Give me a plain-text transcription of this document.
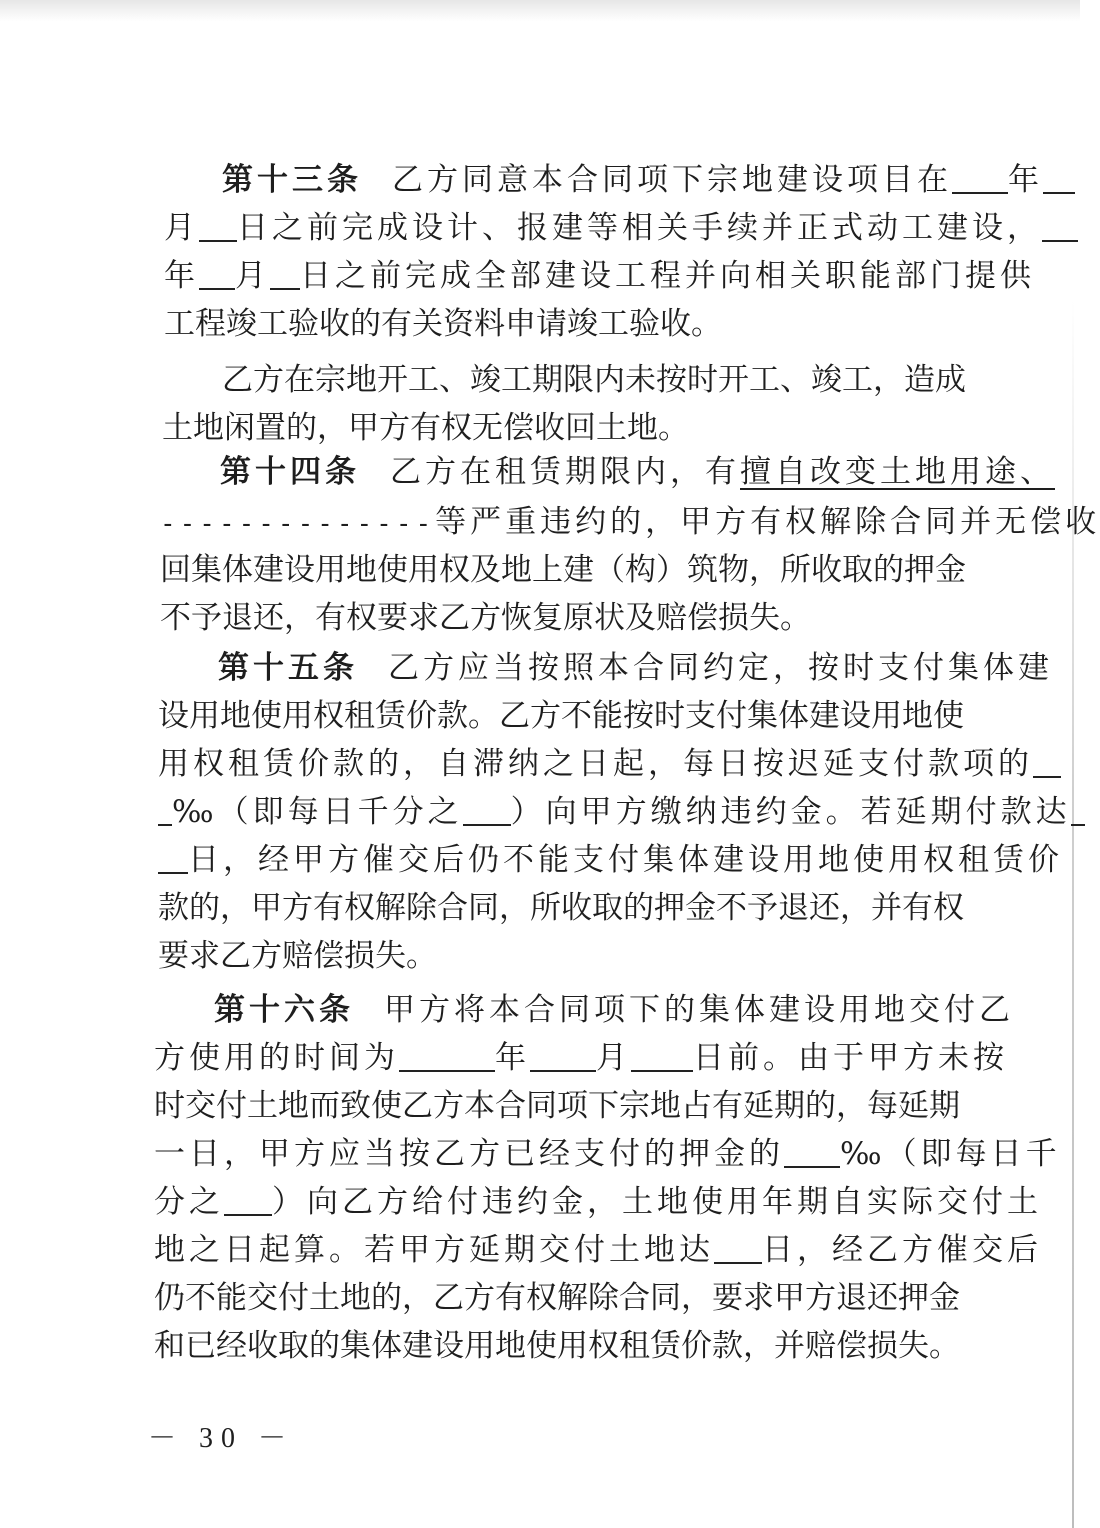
第十三条 乙方同意本合同项下宗地建设项目在 年
月 日之前完成设计、报建等相关手续并正式动工建设，
年 月 日之前完成全部建设工程并向相关职能部门提供
工程竣工验收的有关资料申请竣工验收。
乙方在宗地开工、竣工期限内未按时开工、竣工，造成
土地闲置的，甲方有权无偿收回土地。
第十四条 乙方在租赁期限内，有擅自改变土地用途、
--------------等严重违约的，甲方有权解除合同并无偿收
回集体建设用地使用权及地上建（构）筑物，所收取的押金
不予退还，有权要求乙方恢复原状及赔偿损失。
第十五条 乙方应当按照本合同约定，按时支付集体建
设用地使用权租赁价款。乙方不能按时支付集体建设用地使
用权租赁价款的，自滞纳之日起，每日按迟延支付款项的
‰（即每日千分之 ）向甲方缴纳违约金。若延期付款达
日，经甲方催交后仍不能支付集体建设用地使用权租赁价
款的，甲方有权解除合同，所收取的押金不予退还，并有权
要求乙方赔偿损失。
第十六条 甲方将本合同项下的集体建设用地交付乙
方使用的时间为	年 月 日前。由于甲方未按
时交付土地而致使乙方本合同项下宗地占有延期的，每延期
一日，甲方应当按乙方已经支付的押金的 ‰（即每日千
分之 ）向乙方给付违约金，土地使用年期自实际交付土
地之日起算。若甲方延期交付土地达 日，经乙方催交后
仍不能交付土地的，乙方有权解除合同，要求甲方退还押金
和已经收取的集体建设用地使用权租赁价款，并赔偿损失。
－ 30 －
